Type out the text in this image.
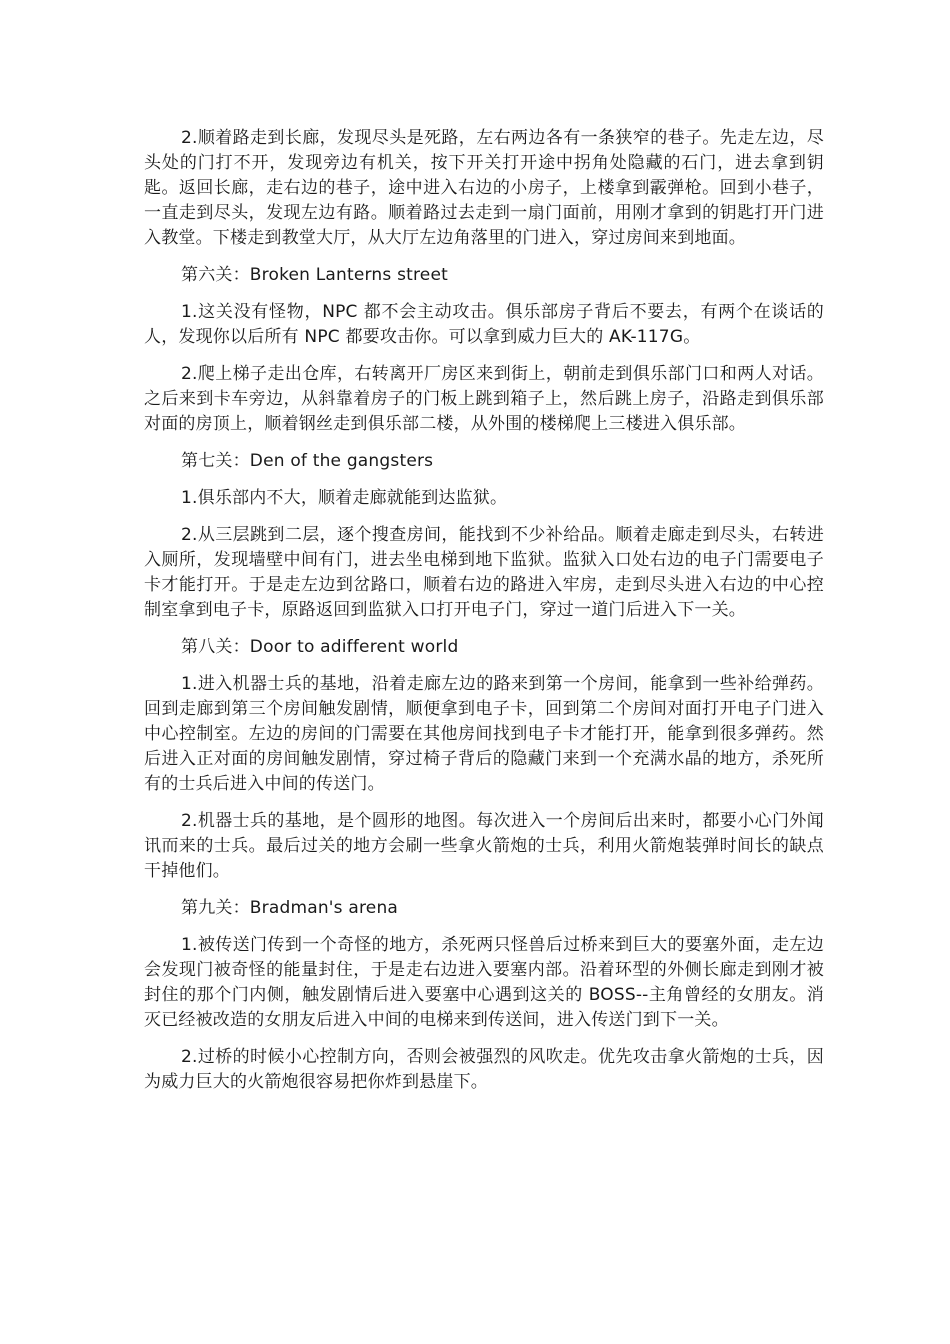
2.顺着路走到长廊，发现尽头是死路，左右两边各有一条狭窄的巷子。先走左边，尽头处的门打不开，发现旁边有机关，按下开关打开途中拐角处隐藏的石门，进去拿到钥匙。返回长廊，走右边的巷子，途中进入右边的小房子，上楼拿到霰弹枪。回到小巷子，一直走到尽头，发现左边有路。顺着路过去走到一扇门面前，用刚才拿到的钥匙打开门进入教堂。下楼走到教堂大厅，从大厅左边角落里的门进入，穿过房间来到地面。

第六关：Broken Lanterns street

1.这关没有怪物，NPC 都不会主动攻击。俱乐部房子背后不要去，有两个在谈话的人，发现你以后所有 NPC 都要攻击你。可以拿到威力巨大的 AK-117G。

2.爬上梯子走出仓库，右转离开厂房区来到街上，朝前走到俱乐部门口和两人对话。之后来到卡车旁边，从斜靠着房子的门板上跳到箱子上，然后跳上房子，沿路走到俱乐部对面的房顶上，顺着钢丝走到俱乐部二楼，从外围的楼梯爬上三楼进入俱乐部。

第七关：Den of the gangsters

1.俱乐部内不大，顺着走廊就能到达监狱。

2.从三层跳到二层，逐个搜查房间，能找到不少补给品。顺着走廊走到尽头，右转进入厕所，发现墙壁中间有门，进去坐电梯到地下监狱。监狱入口处右边的电子门需要电子卡才能打开。于是走左边到岔路口，顺着右边的路进入牢房，走到尽头进入右边的中心控制室拿到电子卡，原路返回到监狱入口打开电子门，穿过一道门后进入下一关。

第八关：Door to adifferent world

1.进入机器士兵的基地，沿着走廊左边的路来到第一个房间，能拿到一些补给弹药。回到走廊到第三个房间触发剧情，顺便拿到电子卡，回到第二个房间对面打开电子门进入中心控制室。左边的房间的门需要在其他房间找到电子卡才能打开，能拿到很多弹药。然后进入正对面的房间触发剧情，穿过椅子背后的隐藏门来到一个充满水晶的地方，杀死所有的士兵后进入中间的传送门。

2.机器士兵的基地，是个圆形的地图。每次进入一个房间后出来时，都要小心门外闻讯而来的士兵。最后过关的地方会刷一些拿火箭炮的士兵，利用火箭炮装弹时间长的缺点干掉他们。

第九关：Bradman's arena

1.被传送门传到一个奇怪的地方，杀死两只怪兽后过桥来到巨大的要塞外面，走左边会发现门被奇怪的能量封住，于是走右边进入要塞内部。沿着环型的外侧长廊走到刚才被封住的那个门内侧，触发剧情后进入要塞中心遇到这关的 BOSS--主角曾经的女朋友。消灭已经被改造的女朋友后进入中间的电梯来到传送间，进入传送门到下一关。

2.过桥的时候小心控制方向，否则会被强烈的风吹走。优先攻击拿火箭炮的士兵，因为威力巨大的火箭炮很容易把你炸到悬崖下。
